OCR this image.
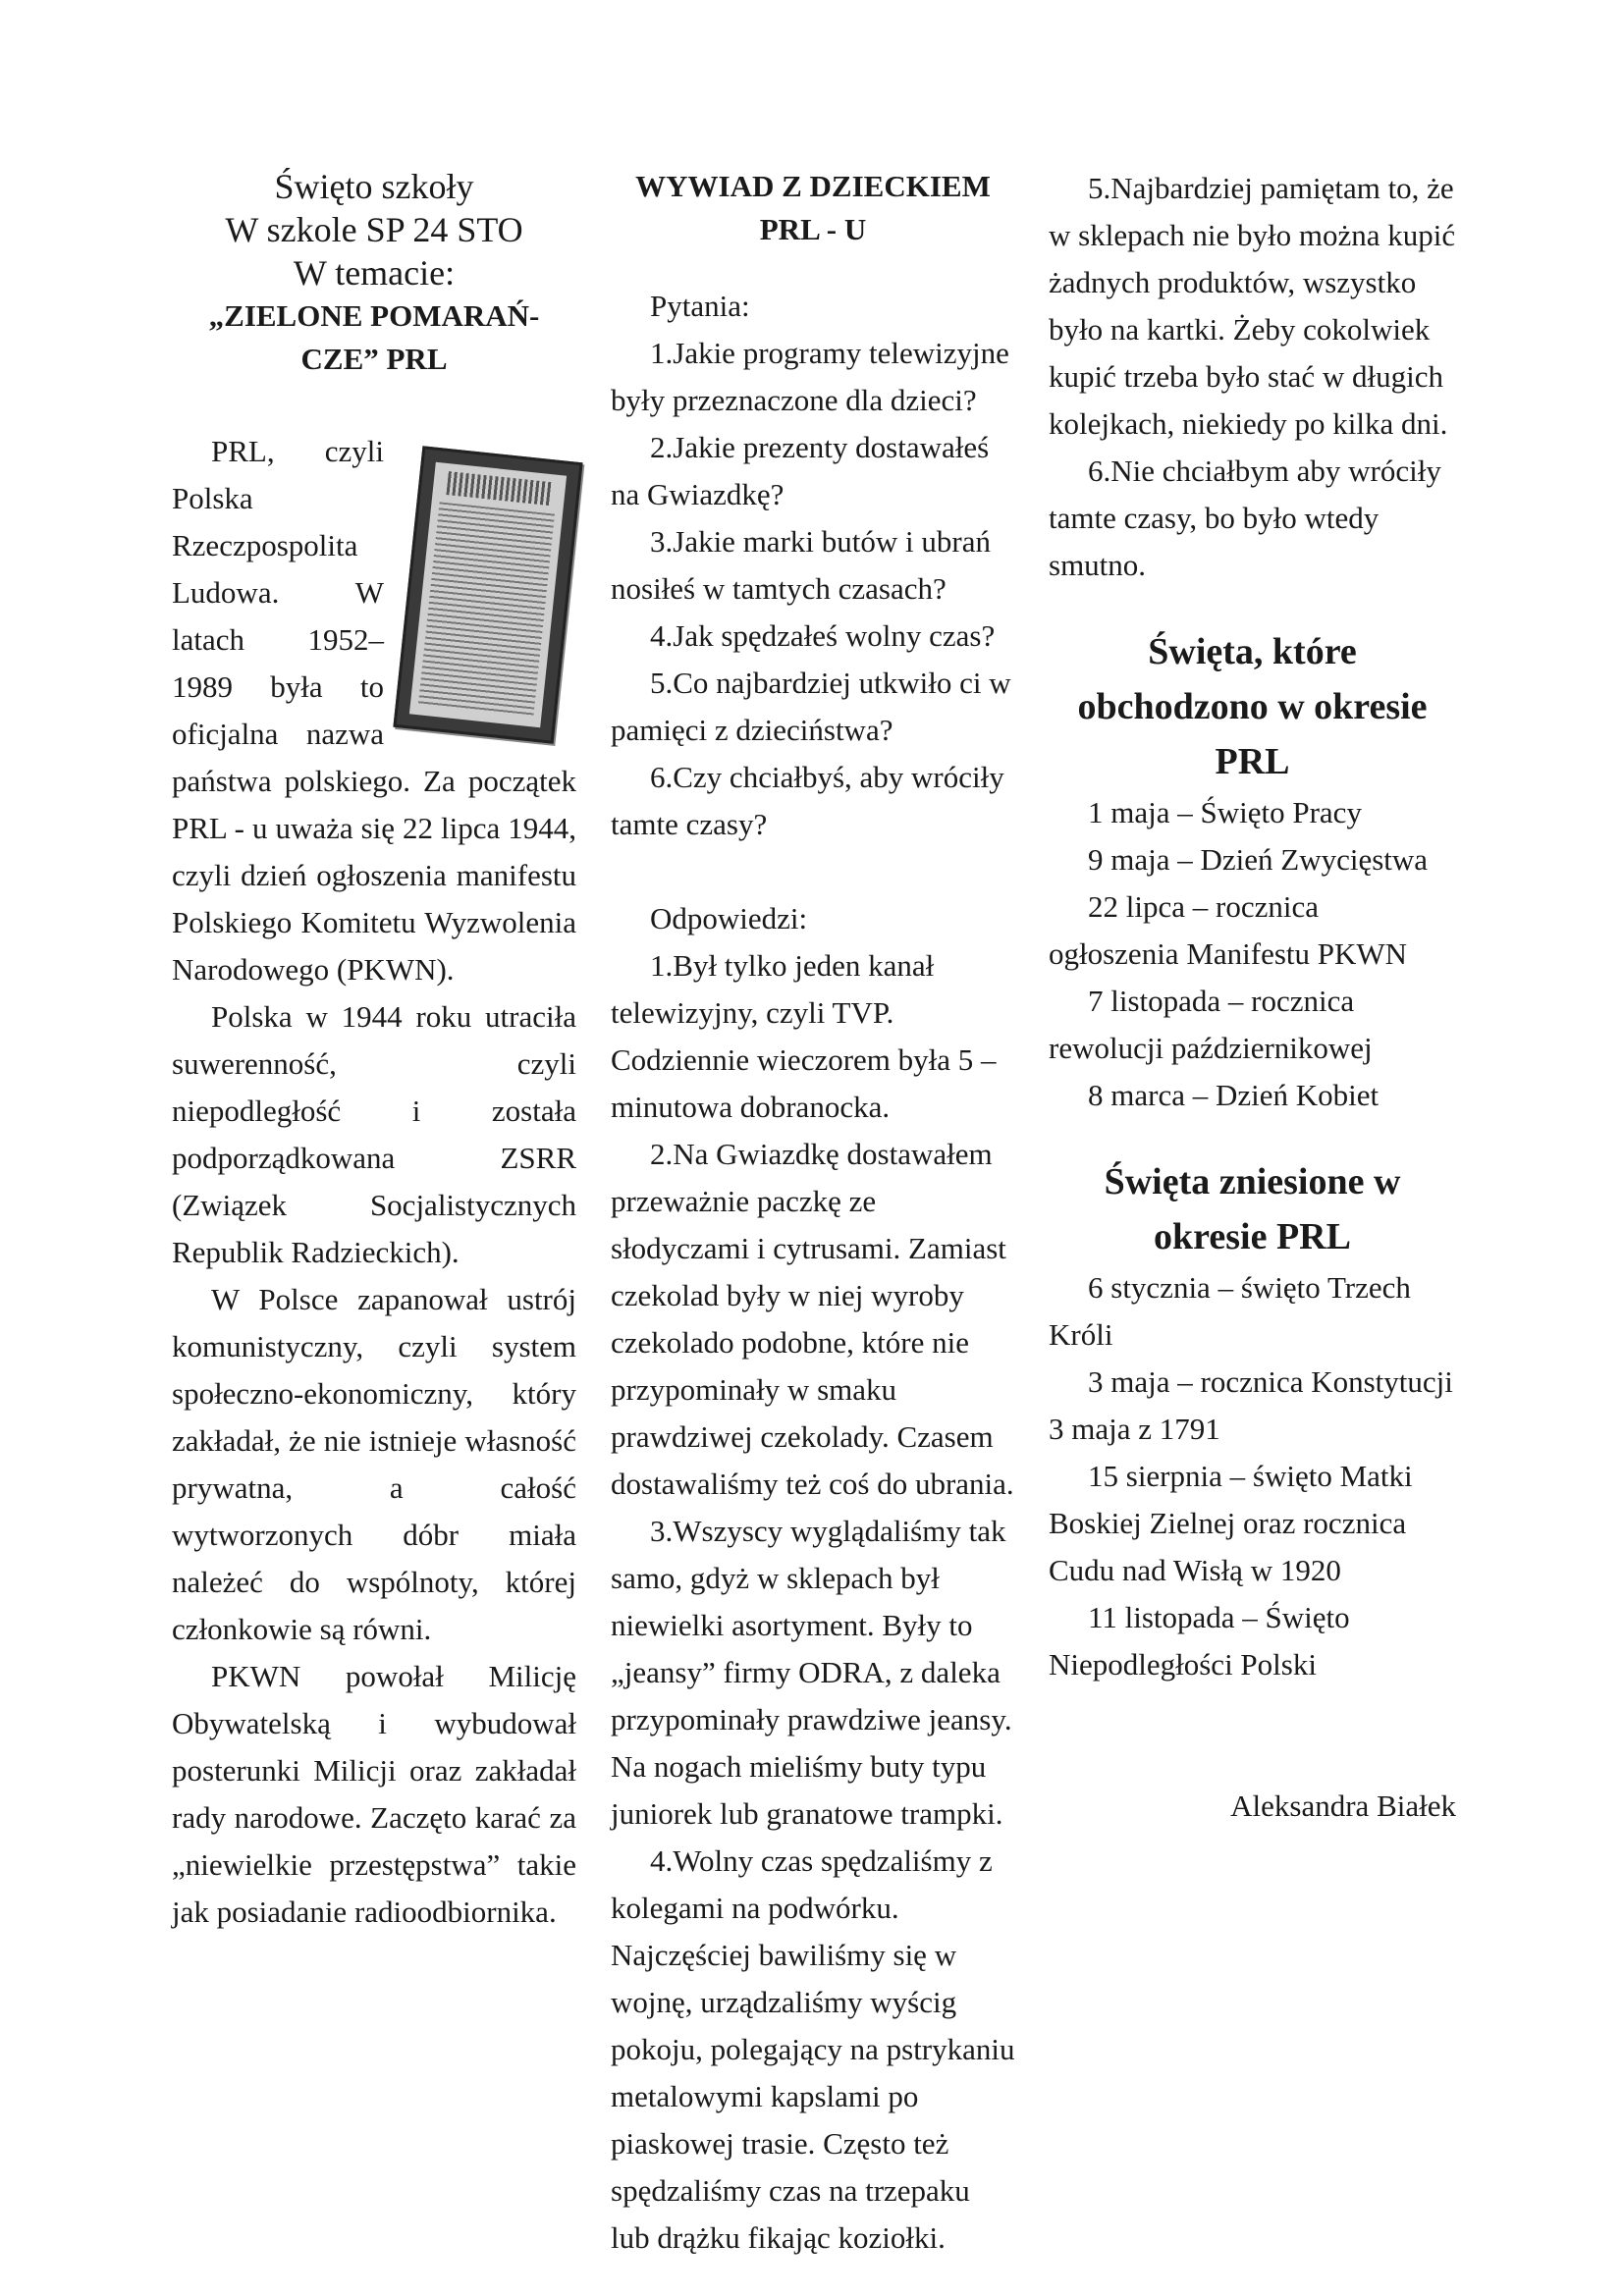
Święto szkoły
W szkole SP 24 STO
W temacie:
„ZIELONE POMARAŃ-
CZE” PRL

PRL, czyli Polska Rzeczpospolita Ludowa. W latach 1952–1989 była to oficjalna nazwa państwa polskiego. Za początek PRL - u uważa się 22 lipca 1944, czyli dzień ogłoszenia manifestu Polskiego Komitetu Wyzwolenia Narodowego (PKWN).

Polska w 1944 roku utraciła suwerenność, czyli niepodległość i została podporządkowana ZSRR (Związek Socjalistycznych Republik Radzieckich).

W Polsce zapanował ustrój komunistyczny, czyli system społeczno-ekonomiczny, który zakładał, że nie istnieje własność prywatna, a całość wytworzonych dóbr miała należeć do wspólnoty, której członkowie są równi.

PKWN powołał Milicję Obywatelską i wybudował posterunki Milicji oraz zakładał rady narodowe. Zaczęto karać za „niewielkie przestępstwa” takie jak posiadanie radioodbiornika.

WYWIAD Z DZIECKIEM
PRL - U

Pytania:

1.Jakie programy telewizyjne były przeznaczone dla dzieci?

2.Jakie prezenty dostawałeś na Gwiazdkę?

3.Jakie marki butów i ubrań nosiłeś w tamtych czasach?

4.Jak spędzałeś wolny czas?

5.Co najbardziej utkwiło ci w pamięci z dzieciństwa?

6.Czy chciałbyś, aby wróciły tamte czasy?

Odpowiedzi:

1.Był tylko jeden kanał telewizyjny, czyli TVP. Codziennie wieczorem była 5 – minutowa dobranocka.

2.Na Gwiazdkę dostawałem przeważnie paczkę ze słodyczami i cytrusami. Zamiast czekolad były w niej wyroby czekolado podobne, które nie przypominały w smaku prawdziwej czekolady. Czasem dostawaliśmy też coś do ubrania.

3.Wszyscy wyglądaliśmy tak samo, gdyż w sklepach był niewielki asortyment. Były to „jeansy” firmy ODRA, z daleka przypominały prawdziwe jeansy. Na nogach mieliśmy buty typu juniorek lub granatowe trampki.

4.Wolny czas spędzaliśmy z kolegami na podwórku. Najczęściej bawiliśmy się w wojnę, urządzaliśmy wyścig pokoju, polegający na pstrykaniu metalowymi kapslami po piaskowej trasie. Często też spędzaliśmy czas na trzepaku lub drążku fikając koziołki.

5.Najbardziej pamiętam to, że w sklepach nie było można kupić żadnych produktów, wszystko było na kartki. Żeby cokolwiek kupić trzeba było stać w długich kolejkach, niekiedy po kilka dni.

6.Nie chciałbym aby wróciły tamte czasy, bo było wtedy smutno.

Święta, które obchodzono w okresie PRL

1 maja – Święto Pracy

9 maja – Dzień Zwycięstwa

22 lipca – rocznica ogłoszenia Manifestu PKWN

7 listopada – rocznica rewolucji październikowej

8 marca – Dzień Kobiet

Święta zniesione w okresie PRL

6 stycznia – święto Trzech Króli

3 maja – rocznica Konstytucji 3 maja z 1791

15 sierpnia – święto Matki Boskiej Zielnej oraz rocznica Cudu nad Wisłą w 1920

11 listopada – Święto Niepodległości Polski

Aleksandra Białek
